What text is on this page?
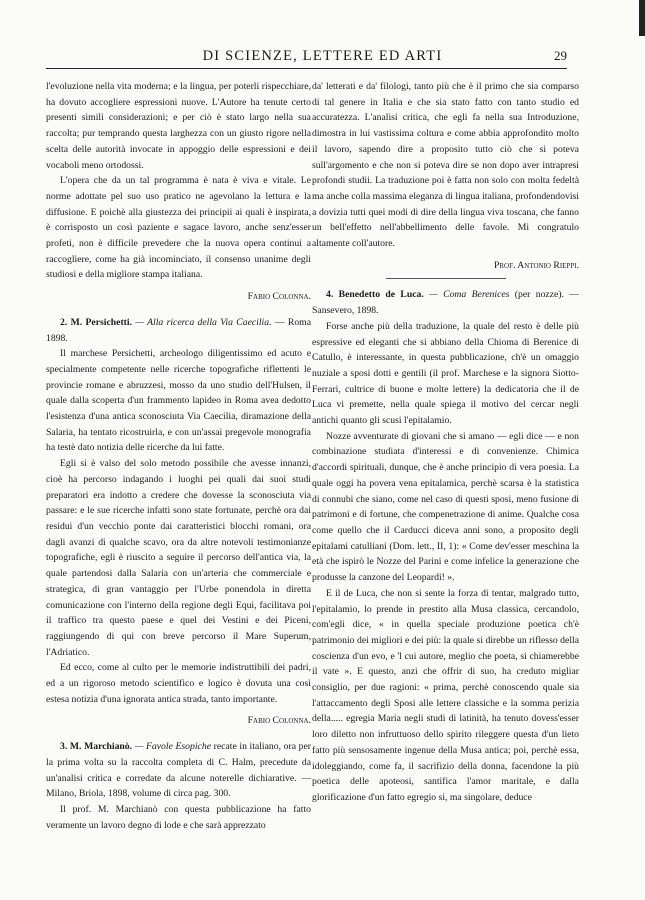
DI SCIENZE, LETTERE ED ARTI	29

l'evoluzione nella vita moderna; e la lingua, per poterli rispecchiare, ha dovuto accogliere espressioni nuove. L'Autore ha tenute certo presenti simili considerazioni; e per ciò è stato largo nella sua raccolta; pur temprando questa larghezza con un giusto rigore nella scelta delle autorità invocate in appoggio delle espressioni e dei vocaboli meno ortodossi.

L'opera che da un tal programma è nata è viva e vitale. Le norme adottate pel suo uso pratico ne agevolano la lettura e la diffusione. E poichè alla giustezza dei principii ai quali è inspirata, è corrisposto un così paziente e sagace lavoro, anche senz'esser profeti, non è difficile prevedere che la nuova opera continui a raccogliere, come ha già incominciato, il consenso unanime degli studiosi e della migliore stampa italiana.

Fabio Colonna.

2. M. Persichetti. — Alla ricerca della Via Caecilia. — Roma 1898.

Il marchese Persichetti, archeologo diligentissimo ed acuto e specialmente competente nelle ricerche topografiche riflettenti le provincie romane e abruzzesi, mosso da uno studio dell'Hulsen, il quale dalla scoperta d'un frammento lapideo in Roma avea dedotto l'esistenza d'una antica sconosciuta Via Caecilia, diramazione della Salaria, ha tentato ricostruirla, e con un'assai pregevole monografia ha testè dato notizia delle ricerche da lui fatte.

Egli si è valso del solo metodo possibile che avesse innanzi, cioè ha percorso indagando i luoghi pei quali dai suoi studi preparatori era indotto a credere che dovesse la sconosciuta via passare: e le sue ricerche infatti sono state fortunate, perchè ora dai residui d'un vecchio ponte dai caratteristici blocchi romani, ora dagli avanzi di qualche scavo, ora da altre notevoli testimonianze topografiche, egli è riuscito a seguire il percorso dell'antica via, la quale partendosi dalla Salaria con un'arteria che commerciale e strategica, di gran vantaggio per l'Urbe ponendola in diretta comunicazione con l'interno della regione degli Equi, facilitava poi il traffico tra questo paese e quel dei Vestini e dei Piceni, raggiungendo di qui con breve percorso il Mare Superum, l'Adriatico.

Ed ecco, come al culto per le memorie indistruttibili dei padri, ed a un rigoroso metodo scientifico e logico è dovuta una così estesa notizia d'una ignorata antica strada, tanto importante.

Fabio Colonna.

3. M. Marchianò. — Favole Esopiche recate in italiano, ora per la prima volta su la raccolta completa di C. Halm, precedute da un'analisi critica e corredate da alcune noterelle dichiarative. — Milano, Briola, 1898, volume di circa pag. 300.

Il prof. M. Marchianò con questa pubblicazione ha fatto veramente un lavoro degno di lode e che sarà apprezzato

da' letterati e da' filologi, tanto più che è il primo che sia comparso di tal genere in Italia e che sia stato fatto con tanto studio ed accuratezza. L'analisi critica, che egli fa nella sua Introduzione, dimostra in lui vastissima coltura e come abbia approfondito molto il lavoro, sapendo dire a proposito tutto ciò che si poteva sull'argomento e che non si poteva dire se non dopo aver intrapresi profondi studii. La traduzione poi è fatta non solo con molta fedeltà ma anche colla massima eleganza di lingua italiana, profondendovisi a dovizia tutti quei modi di dire della lingua viva toscana, che fanno un bell'effetto nell'abbellimento delle favole. Mi congratulo altamente coll'autore.

Prof. Antonio Rieppi.

4. Benedetto de Luca. — Coma Berenices (per nozze). — Sansevero, 1898.

Forse anche più della traduzione, la quale del resto è delle più espressive ed eleganti che si abbiano della Chioma di Berenice di Catullo, è interessante, in questa pubblicazione, ch'è un omaggio nuziale a sposi dotti e gentili (il prof. Marchese e la signora Siotto-Ferrari, cultrice di buone e molte lettere) la dedicatoria che il de Luca vi premette, nella quale spiega il motivo del cercar negli antichi quanto gli scusi l'epitalamio.

Nozze avventurate di giovani che si amano — egli dice — e non combinazione studiata d'interessi e di convenienze. Chimica d'accordi spirituali, dunque, che è anche principio di vera poesia. La quale oggi ha povera vena epitalamica, perchè scarsa è la statistica di connubi che siano, come nel caso di questi sposi, meno fusione di patrimoni e di fortune, che compenetrazione di anime. Qualche cosa come quello che il Carducci diceva anni sono, a proposito degli epitalami catulliani (Dom. lett., II, 1): « Come dev'esser meschina la età che ispirò le Nozze del Parini e come infelice la generazione che produsse la canzone del Leopardi! ».

E il de Luca, che non si sente la forza di tentar, malgrado tutto, l'epitalamio, lo prende in prestito alla Musa classica, cercandolo, com'egli dice, « in quella speciale produzione poetica ch'è patrimonio dei migliori e dei più: la quale si direbbe un riflesso della coscienza d'un evo, e 'l cui autore, meglio che poeta, si chiamerebbe il vate ». E questo, anzi che offrir di suo, ha creduto migliar consiglio, per due ragioni: « prima, perchè conoscendo quale sia l'attaccamento degli Sposi alle lettere classiche e la somma perizia della..... egregia Maria negli studi di latinità, ha tenuto dovess'esser loro diletto non infruttuoso dello spirito rileggere questa d'un lieto fatto più sensosamente ingenue della Musa antica; poi, perchè essa, idoleggiando, come fa, il sacrifizio della donna, facendone la più poetica delle apoteosi, santifica l'amor maritale, e dalla glorificazione d'un fatto egregio si, ma singolare, deduce
